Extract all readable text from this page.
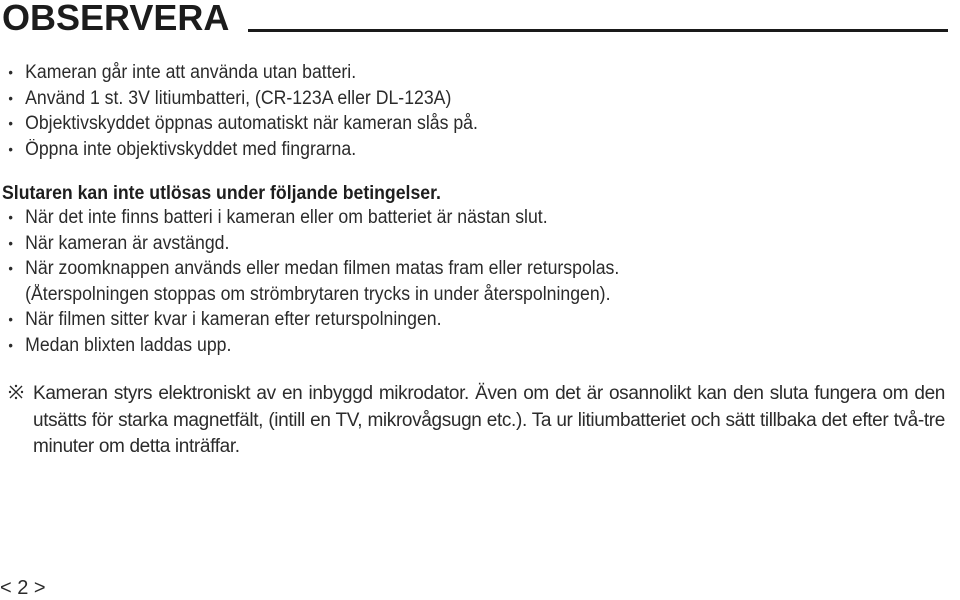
OBSERVERA
• Kameran går inte att använda utan batteri.
• Använd 1 st. 3V litiumbatteri, (CR-123A eller DL-123A)
• Objektivskyddet öppnas automatiskt när kameran slås på.
• Öppna inte objektivskyddet med fingrarna.
Slutaren kan inte utlösas under följande betingelser.
• När det inte finns batteri i kameran eller om batteriet är nästan slut.
• När kameran är avstängd.
• När zoomknappen används eller medan filmen matas fram eller returspolas.
(Återspolningen stoppas om strömbrytaren trycks in under återspolningen).
• När filmen sitter kvar i kameran efter returspolningen.
• Medan blixten laddas upp.
Kameran styrs elektroniskt av en inbyggd mikrodator. Även om det är osannolikt kan den sluta fungera om den utsätts för starka magnetfält, (intill en TV, mikrovågsugn etc.). Ta ur litiumbatteriet och sätt tillbaka det efter två-tre minuter om detta inträffar.
< 2 >
